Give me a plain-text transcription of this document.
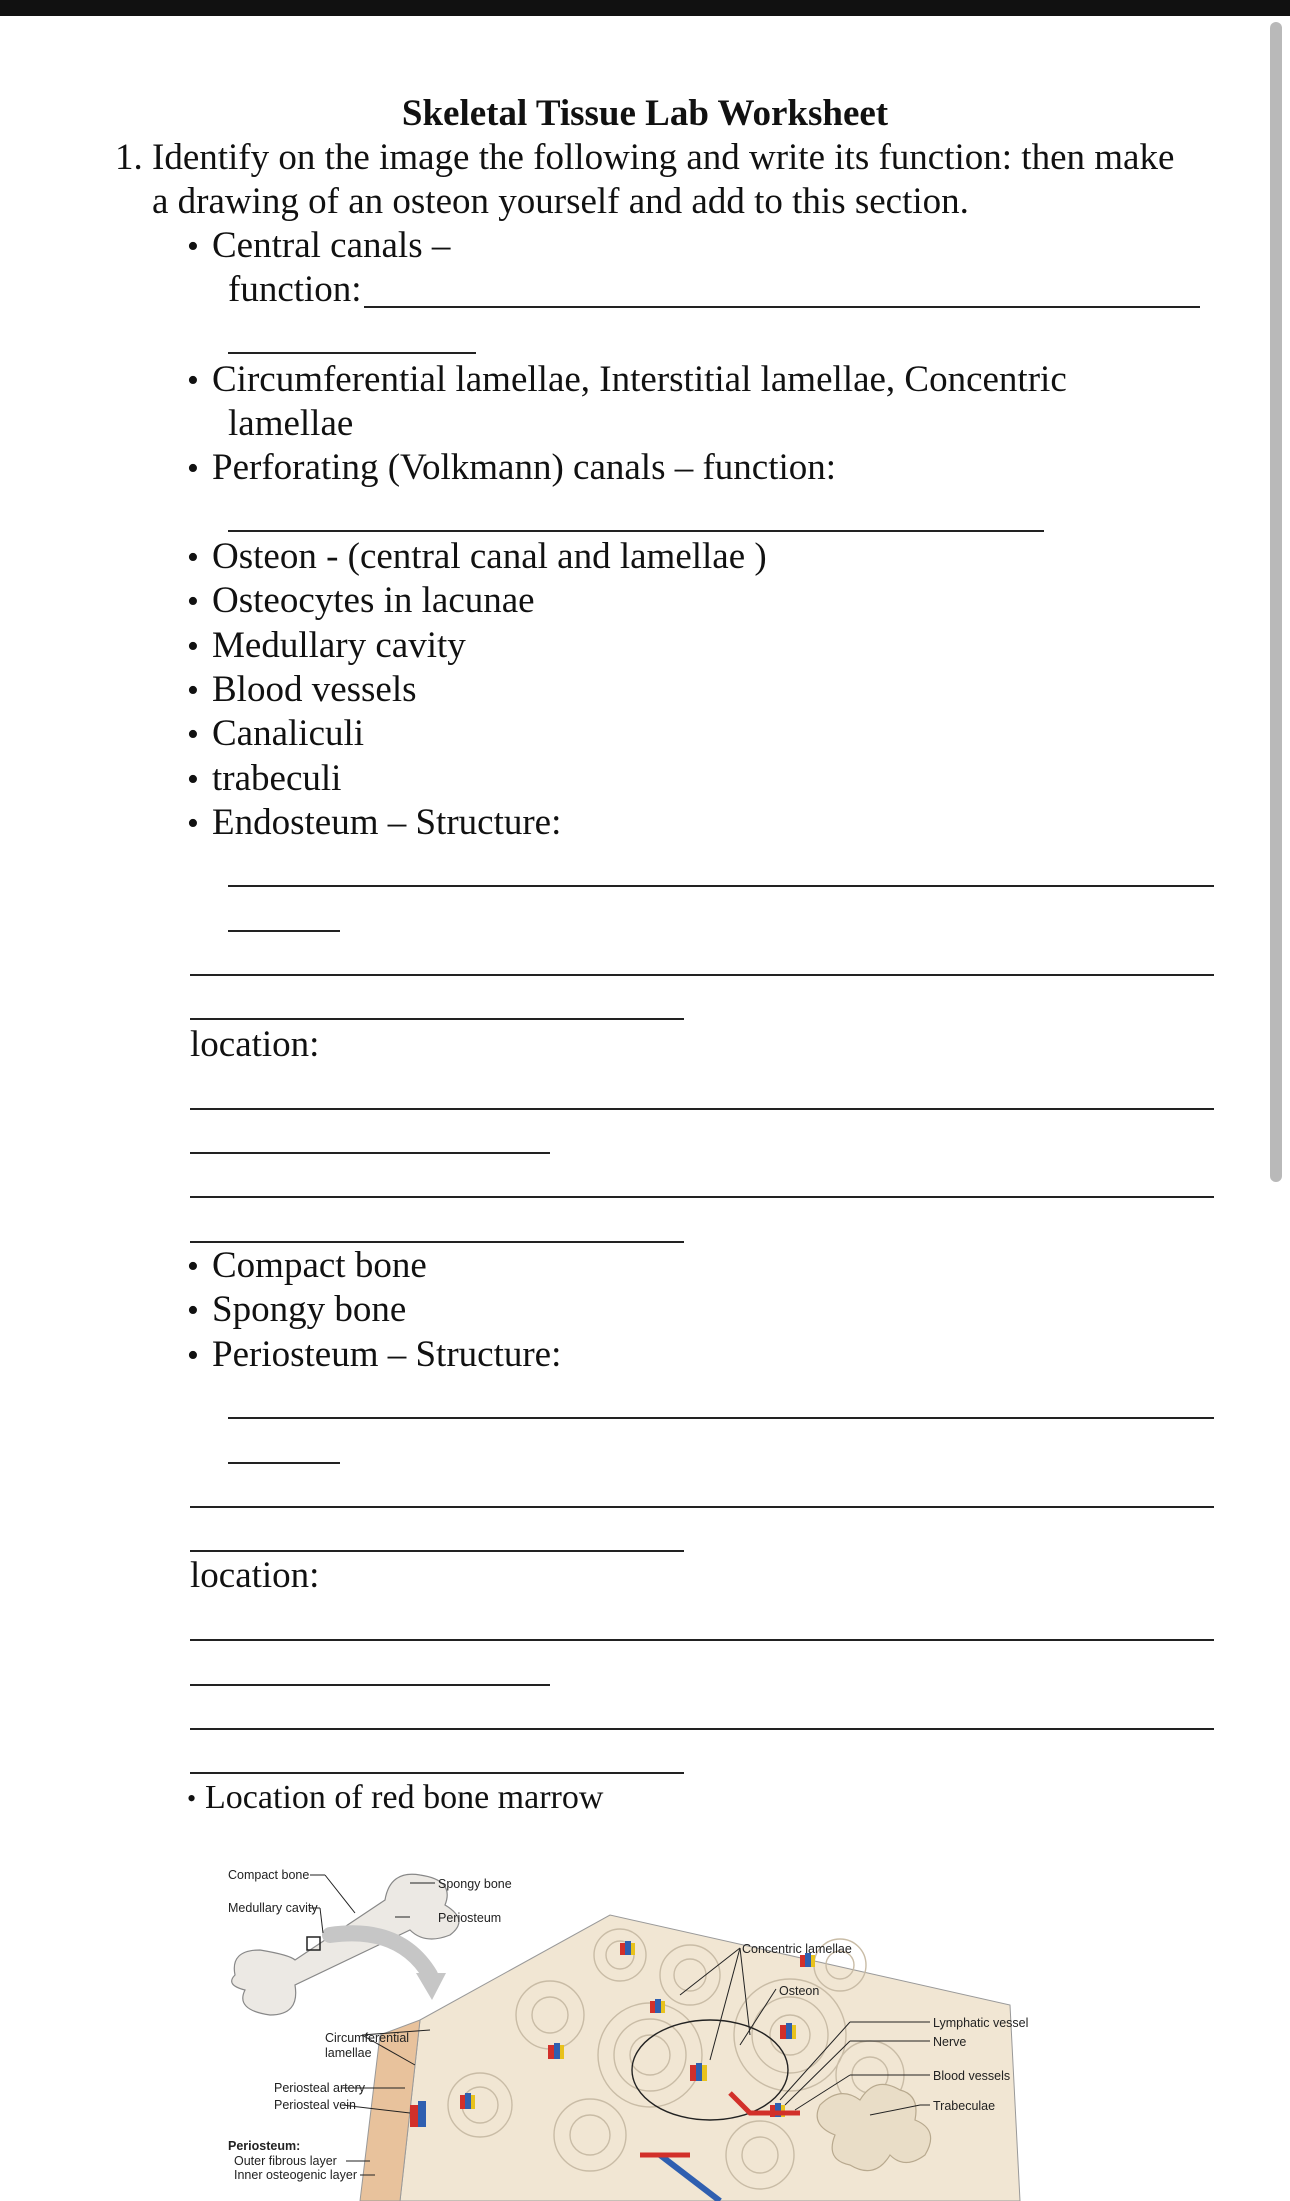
Skeletal Tissue Lab Worksheet
1. Identify on the image the following and write its function: then make
a drawing of an osteon yourself and add to this section.
• Central canals –
function:
• Circumferential lamellae, Interstitial lamellae, Concentric
lamellae
• Perforating (Volkmann) canals – function:
• Osteon - (central canal and lamellae )
• Osteocytes in lacunae
• Medullary cavity
• Blood vessels
• Canaliculi
• trabeculi
• Endosteum – Structure:
location:
• Compact bone
• Spongy bone
• Periosteum – Structure:
location:
• Location of red bone marrow
Compact bone
Medullary cavity
Spongy bone
Periosteum
Concentric lamellae
Osteon
Circumferential
lamellae
Lymphatic vessel
Nerve
Blood vessels
Trabeculae
Periosteal artery
Periosteal vein
Periosteum:
Outer fibrous layer
Inner osteogenic layer
